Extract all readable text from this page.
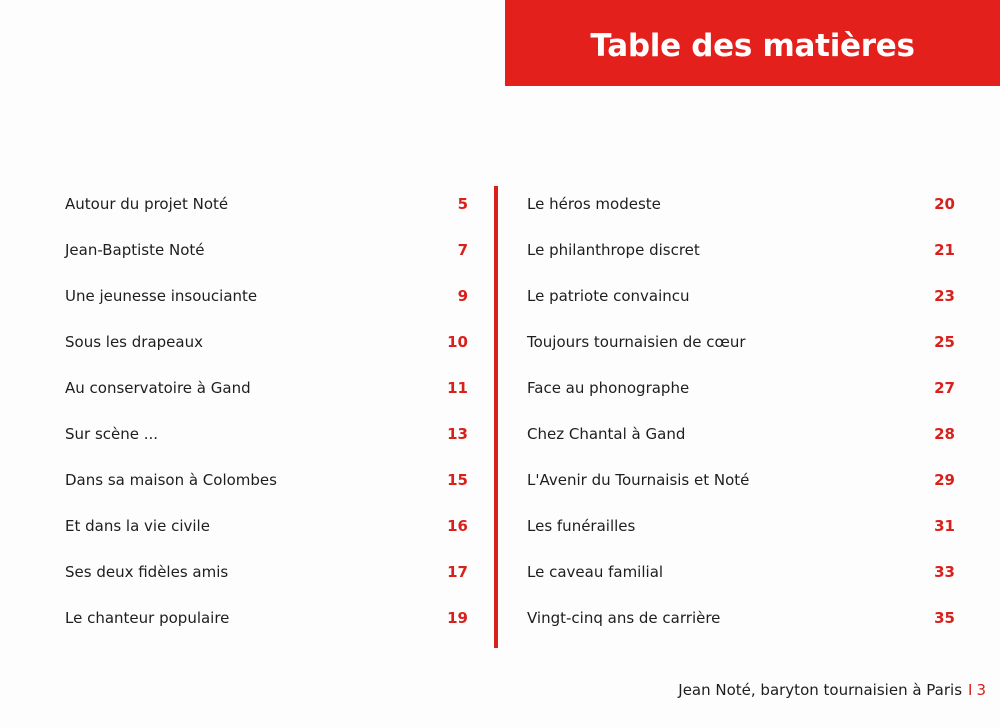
Table des matières
Autour du projet Noté	5
Jean-Baptiste Noté	7
Une jeunesse insouciante	9
Sous les drapeaux	10
Au conservatoire à Gand	11
Sur scène ...	13
Dans sa maison à Colombes	15
Et dans la vie civile	16
Ses deux fidèles amis	17
Le chanteur populaire	19
Le héros modeste	20
Le philanthrope discret	21
Le patriote convaincu	23
Toujours tournaisien de cœur	25
Face au phonographe	27
Chez Chantal à Gand	28
L'Avenir du Tournaisis et Noté	29
Les funérailles	31
Le caveau familial	33
Vingt-cinq ans de carrière	35
Jean Noté, baryton tournaisien à Paris I 3
